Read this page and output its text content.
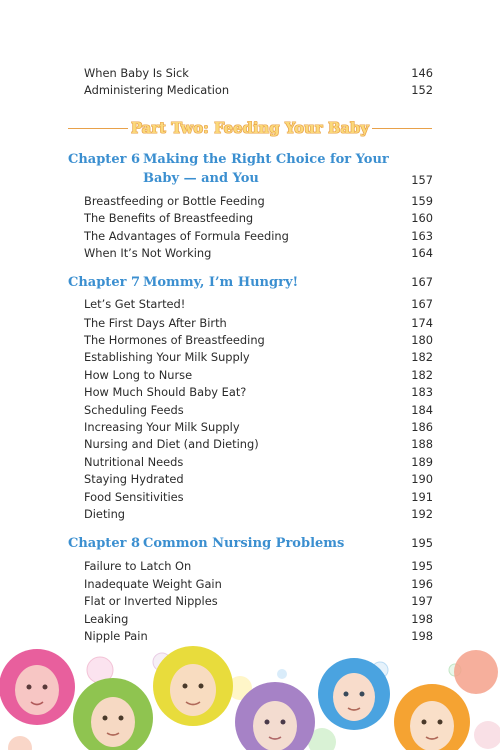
When Baby Is Sick	146
Administering Medication	152
Part Two: Feeding Your Baby
Chapter 6 Making the Right Choice for Your Baby — and You	157
Breastfeeding or Bottle Feeding	159
The Benefits of Breastfeeding	160
The Advantages of Formula Feeding	163
When It’s Not Working	164
Chapter 7 Mommy, I’m Hungry!	167
Let’s Get Started!	167
The First Days After Birth	174
The Hormones of Breastfeeding	180
Establishing Your Milk Supply	182
How Long to Nurse	182
How Much Should Baby Eat?	183
Scheduling Feeds	184
Increasing Your Milk Supply	186
Nursing and Diet (and Dieting)	188
Nutritional Needs	189
Staying Hydrated	190
Food Sensitivities	191
Dieting	192
Chapter 8 Common Nursing Problems	195
Failure to Latch On	195
Inadequate Weight Gain	196
Flat or Inverted Nipples	197
Leaking	198
Nipple Pain	198
